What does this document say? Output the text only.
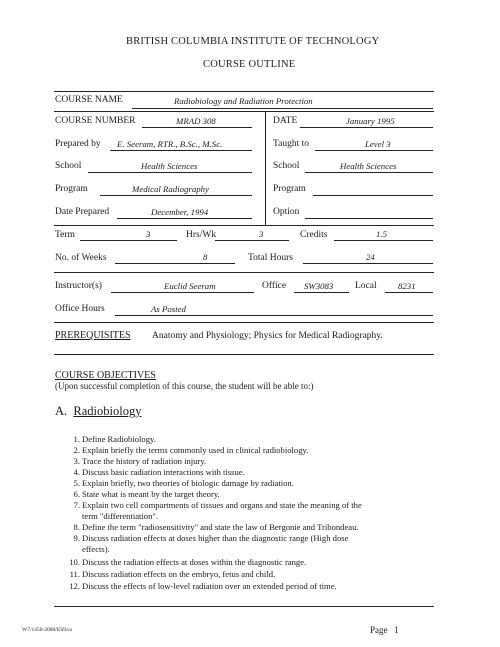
BRITISH COLUMBIA INSTITUTE OF TECHNOLOGY
COURSE OUTLINE
COURSE NAME	Radiobiology and Radiation Protection
COURSE NUMBER	MRAD 308	DATE	January 1995
Prepared by E. Seeram, RTR., B.Sc., M.Sc.	Taught to	Level 3
School	Health Sciences	School	Health Sciences
Program	Medical Radiography	Program
Date Prepared	December, 1994	Option
Term	3	Hrs/Wk	3	Credits	1.5
No. of Weeks	8	Total Hours	24
Instructor(s)	Euclid Seeram	Office SW3083 Local 8231
Office Hours	As Posted
PREREQUISITES Anatomy and Physiology; Physics for Medical Radiography.
COURSE OBJECTIVES
(Upon successful completion of this course, the student will be able to:)
A. Radiobiology
1. Define Radiobiology.
2. Explain briefly the terms commonly used in clinical radiobiology.
3. Trace the history of radiation injury.
4. Discuss basic radiation interactions with tissue.
5. Explain briefly, two theories of biologic damage by radiation.
6. State what is meant by the target theory.
7. Explain two cell compartments of tissues and organs and state the meaning of the
term "differentiation".
8. Define the term "radiosensitivity" and state the law of Bergonie and Tribondeau.
9. Discuss radiation effects at doses higher than the diagnostic range (High dose
effects).
10. Discuss the radiation effects at doses within the diagnostic range.
11. Discuss radiation effects on the embryo, fetus and child.
12. Discuss the effects of low-level radiation over an extended period of time.
W7/1450-2000/ES9/cs	Page 1
